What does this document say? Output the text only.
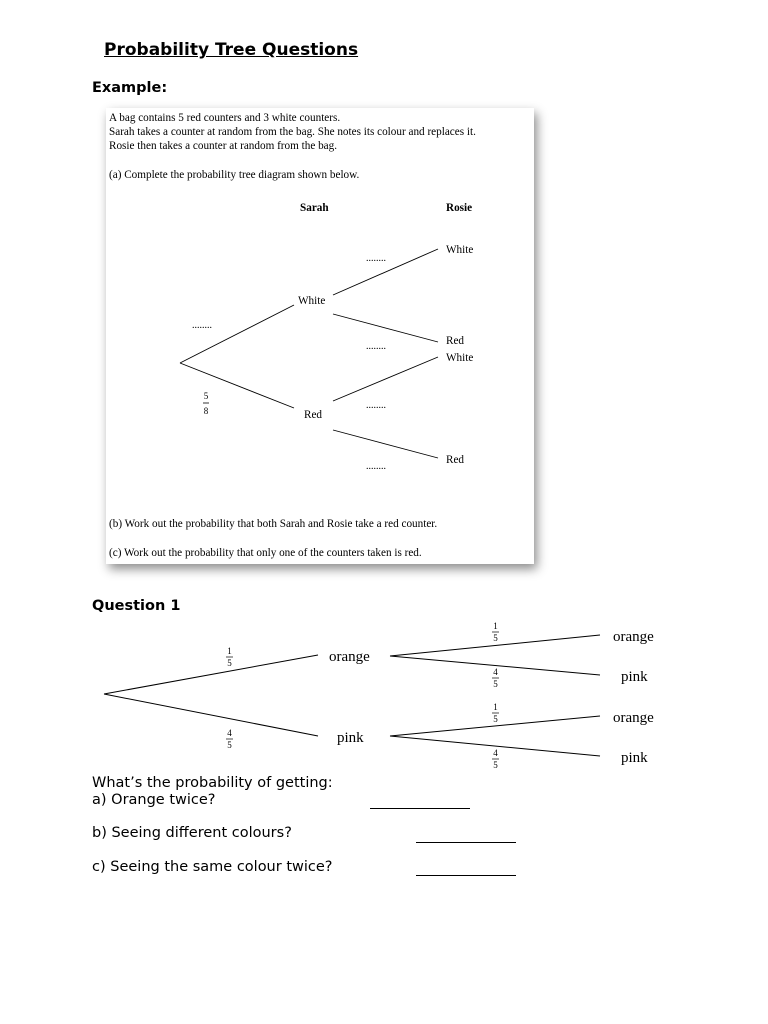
Probability Tree Questions
Example:
A bag contains 5 red counters and 3 white counters.
Sarah takes a counter at random from the bag. She notes its colour and replaces it.
Rosie then takes a counter at random from the bag.
(a) Complete the probability tree diagram shown below.
Sarah	Rosie
White
Red
White
Red
White
Red
........
........
........
........
........
5
8
(b) Work out the probability that both Sarah and Rosie take a red counter.
(c) Work out the probability that only one of the counters taken is red.
Question 1
orange
pink
orange
pink
orange
pink
1
5
4
5
1
5
4
5
1
5
4
5
What’s the probability of getting:
a) Orange twice?
b) Seeing different colours?
c) Seeing the same colour twice?
